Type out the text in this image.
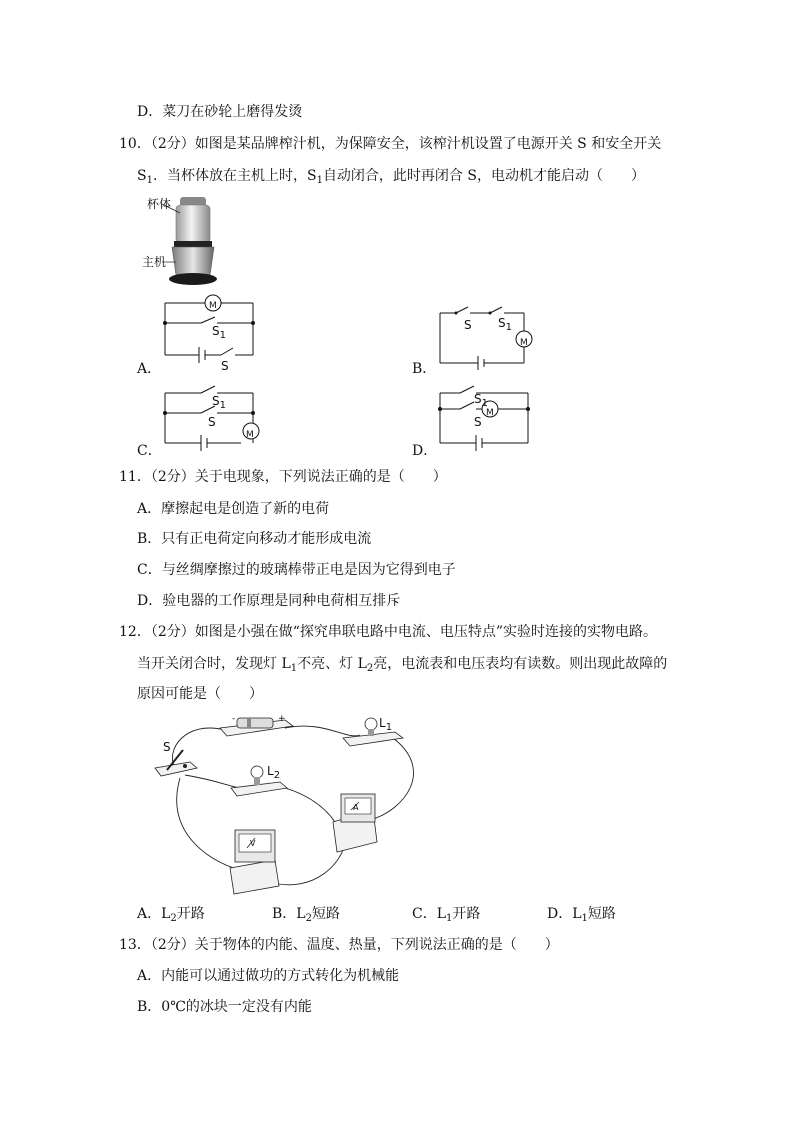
D．菜刀在砂轮上磨得发烫
10．（2分）如图是某品牌榨汁机，为保障安全，该榨汁机设置了电源开关 S 和安全开关
$S_1$．当杯体放在主机上时，$S_1$自动闭合，此时再闭合 S，电动机才能启动（　　）
杯体
主机
A．
M
$S_1$
S	B．
M
S $S_1$
C．
M
$S_1$
S
D．
M
$S_1$
S
11．（2分）关于电现象，下列说法正确的是（　　）
A．摩擦起电是创造了新的电荷
B．只有正电荷定向移动才能形成电流
C．与丝绸摩擦过的玻璃棒带正电是因为它得到电子
D．验电器的工作原理是同种电荷相互排斥
12．（2分）如图是小强在做“探究串联电路中电流、电压特点”实验时连接的实物电路。
当开关闭合时，发现灯 $L_1$不亮、灯 $L_2$亮，电流表和电压表均有读数。则出现此故障的
原因可能是（　　）
S
$L_1$
$L_2$
A
V
-	+
A．$L_2$开路	B．$L_2$短路	C．$L_1$开路	D．$L_1$短路
13．（2分）关于物体的内能、温度、热量，下列说法正确的是（　　）
A．内能可以通过做功的方式转化为机械能
B．0℃的冰块一定没有内能
